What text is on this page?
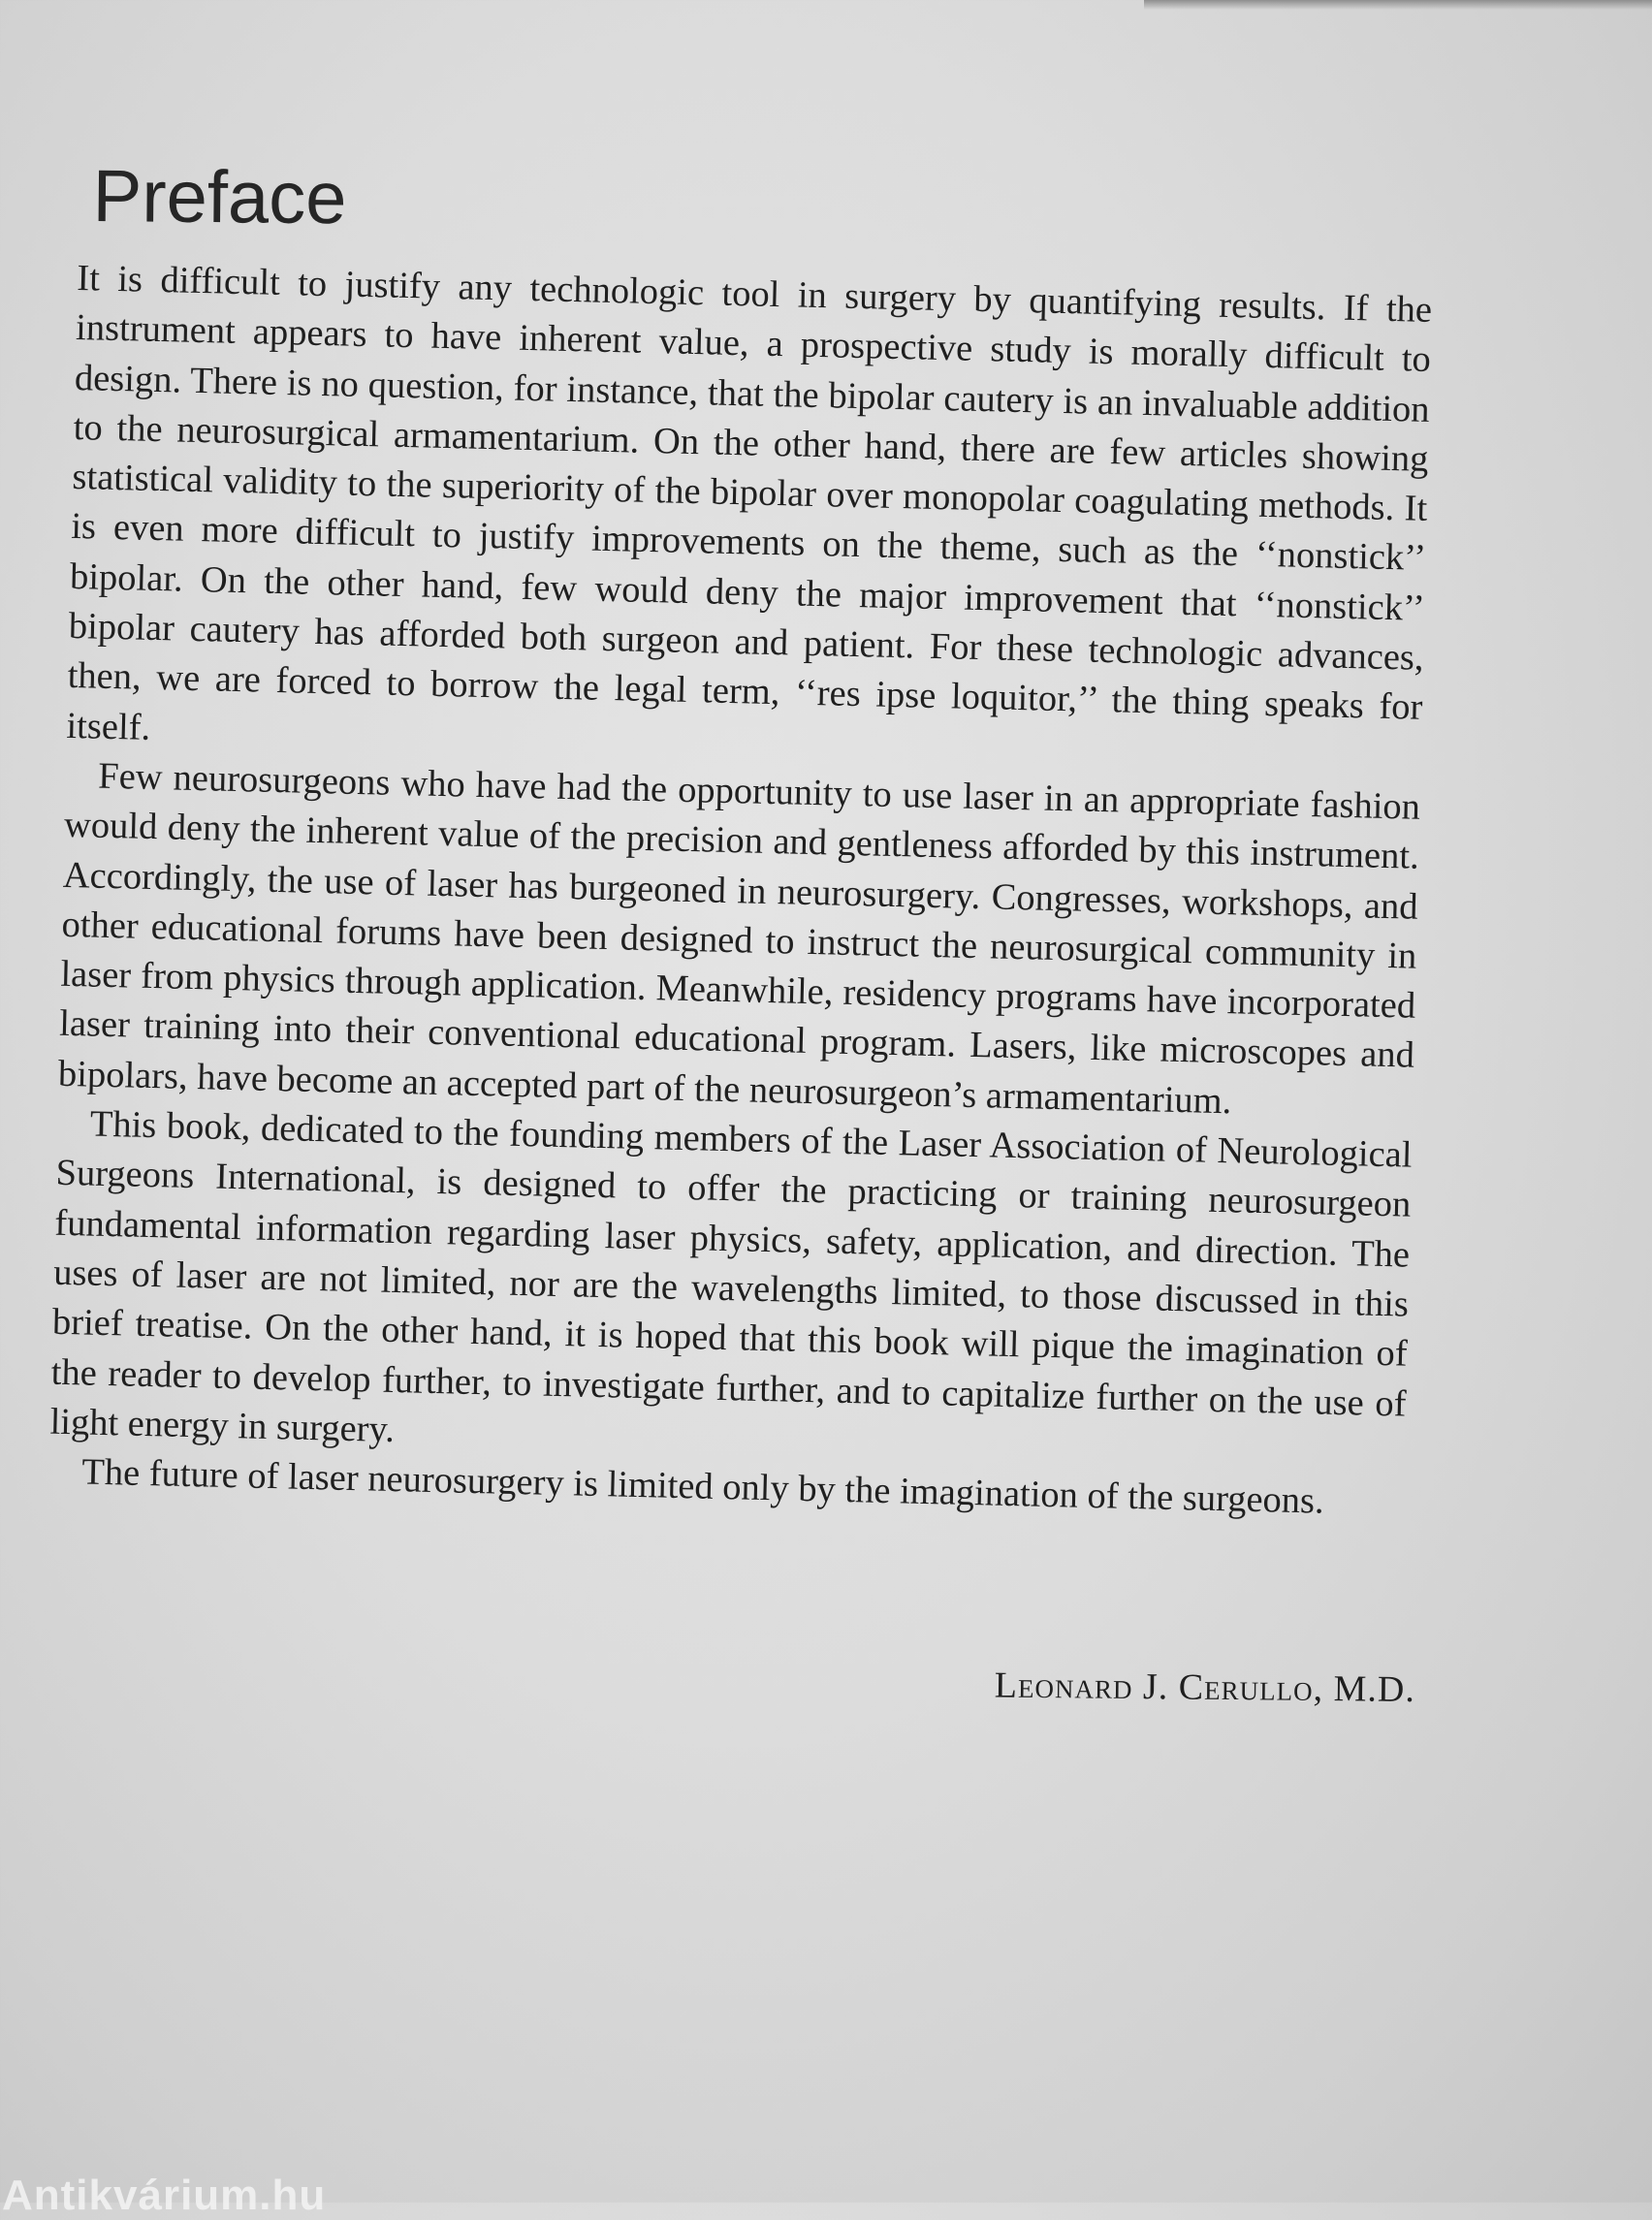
Preface

It is difficult to justify any technologic tool in surgery by quantifying results. If the instrument appears to have inherent value, a prospective study is morally difficult to design. There is no question, for instance, that the bipolar cautery is an invaluable addition to the neurosurgical armamentarium. On the other hand, there are few articles showing statistical validity to the superiority of the bipolar over monopolar coagulating methods. It is even more difficult to justify improvements on the theme, such as the ‘‘nonstick’’ bipolar. On the other hand, few would deny the major improvement that ‘‘nonstick’’ bipolar cautery has afforded both surgeon and patient. For these technologic advances, then, we are forced to borrow the legal term, ‘‘res ipse loquitor,’’ the thing speaks for itself.

Few neurosurgeons who have had the opportunity to use laser in an appropriate fashion would deny the inherent value of the precision and gentleness afforded by this instrument. Accordingly, the use of laser has burgeoned in neurosurgery. Congresses, workshops, and other educational forums have been designed to instruct the neurosurgical community in laser from physics through application. Meanwhile, residency programs have incorporated laser training into their conventional educational program. Lasers, like microscopes and bipolars, have become an accepted part of the neurosurgeon’s armamentarium.

This book, dedicated to the founding members of the Laser Association of Neurological Surgeons International, is designed to offer the practicing or training neurosurgeon fundamental information regarding laser physics, safety, application, and direction. The uses of laser are not limited, nor are the wavelengths limited, to those discussed in this brief treatise. On the other hand, it is hoped that this book will pique the imagination of the reader to develop further, to investigate further, and to capitalize further on the use of light energy in surgery.

The future of laser neurosurgery is limited only by the imagination of the surgeons.

Leonard J. Cerullo, M.D.
Antikvárium.hu
